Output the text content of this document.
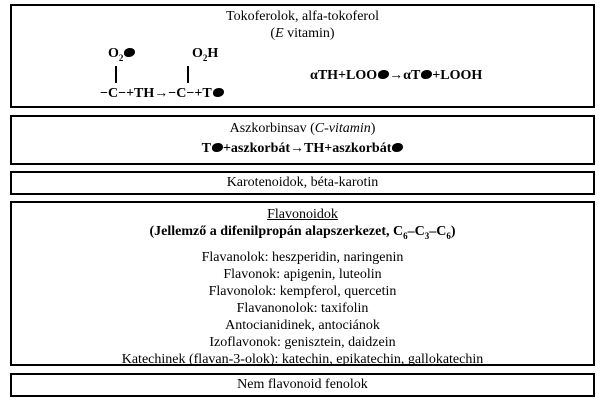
Tokoferolok, alfa-tokoferol
(E vitamin)
$O_2$	$O_2H$
−C−+TH→−C−+T
αTH+LOO →αT +LOOH
Aszkorbinsav (C-vitamin)
T +aszkorbát→TH+aszkorbát
Karotenoidok, béta-karotin
Flavonoidok
(Jellemző a difenilpropán alapszerkezet, $C_6-C_3-C_6$)
Flavanolok: heszperidin, naringenin
Flavonok: apigenin, luteolin
Flavonolok: kempferol, quercetin
Flavanonolok: taxifolin
Antocianidinek, antociánok
Izoflavonok: genisztein, daidzein
Katechinek (flavan-3-olok): katechin, epikatechin, gallokatechin
Nem flavonoid fenolok
